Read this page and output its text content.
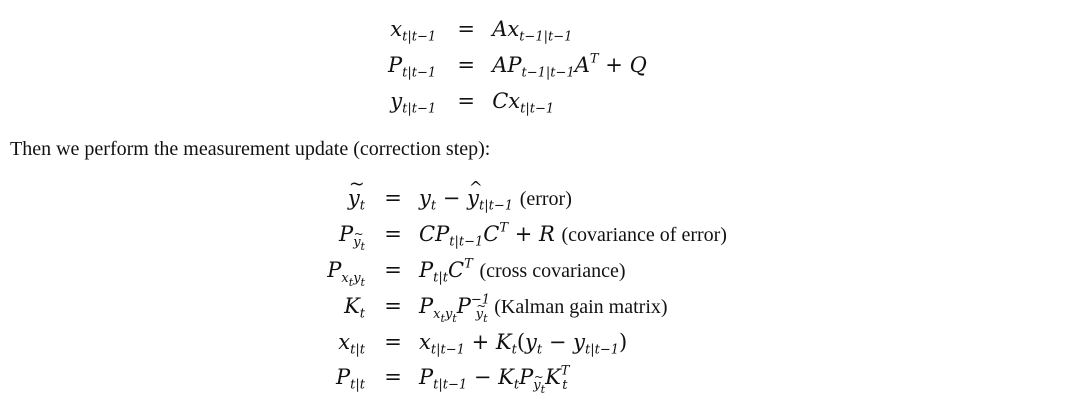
$x_{t|t-1}$	= $Ax_{t-1|t-1}$
$P_{t|t-1}$	= $AP_{t-1|t-1}A^T + Q$
$y_{t|t-1}$	= $Cx_{t|t-1}$
Then we perform the measurement update (correction step):
~ $y_t = y_t$ − ^ $y_{t|t-1}$ (error)
$P_{y_t} = CP_{t|t-1}C^T + R$ (covariance of error)
$P_{x_ty_t} = P_{t|t}C^T$ (cross covariance)
$K_t = P_{x_ty_t}P^{-1}_{y_t}$ (Kalman gain matrix)
$x_{t|t} = x_{t|t-1} + K_t(y_t - y_{t|t-1})$
$P_{t|t} = P_{t|t-1} - K_tP_{y_t}K^T_t$
